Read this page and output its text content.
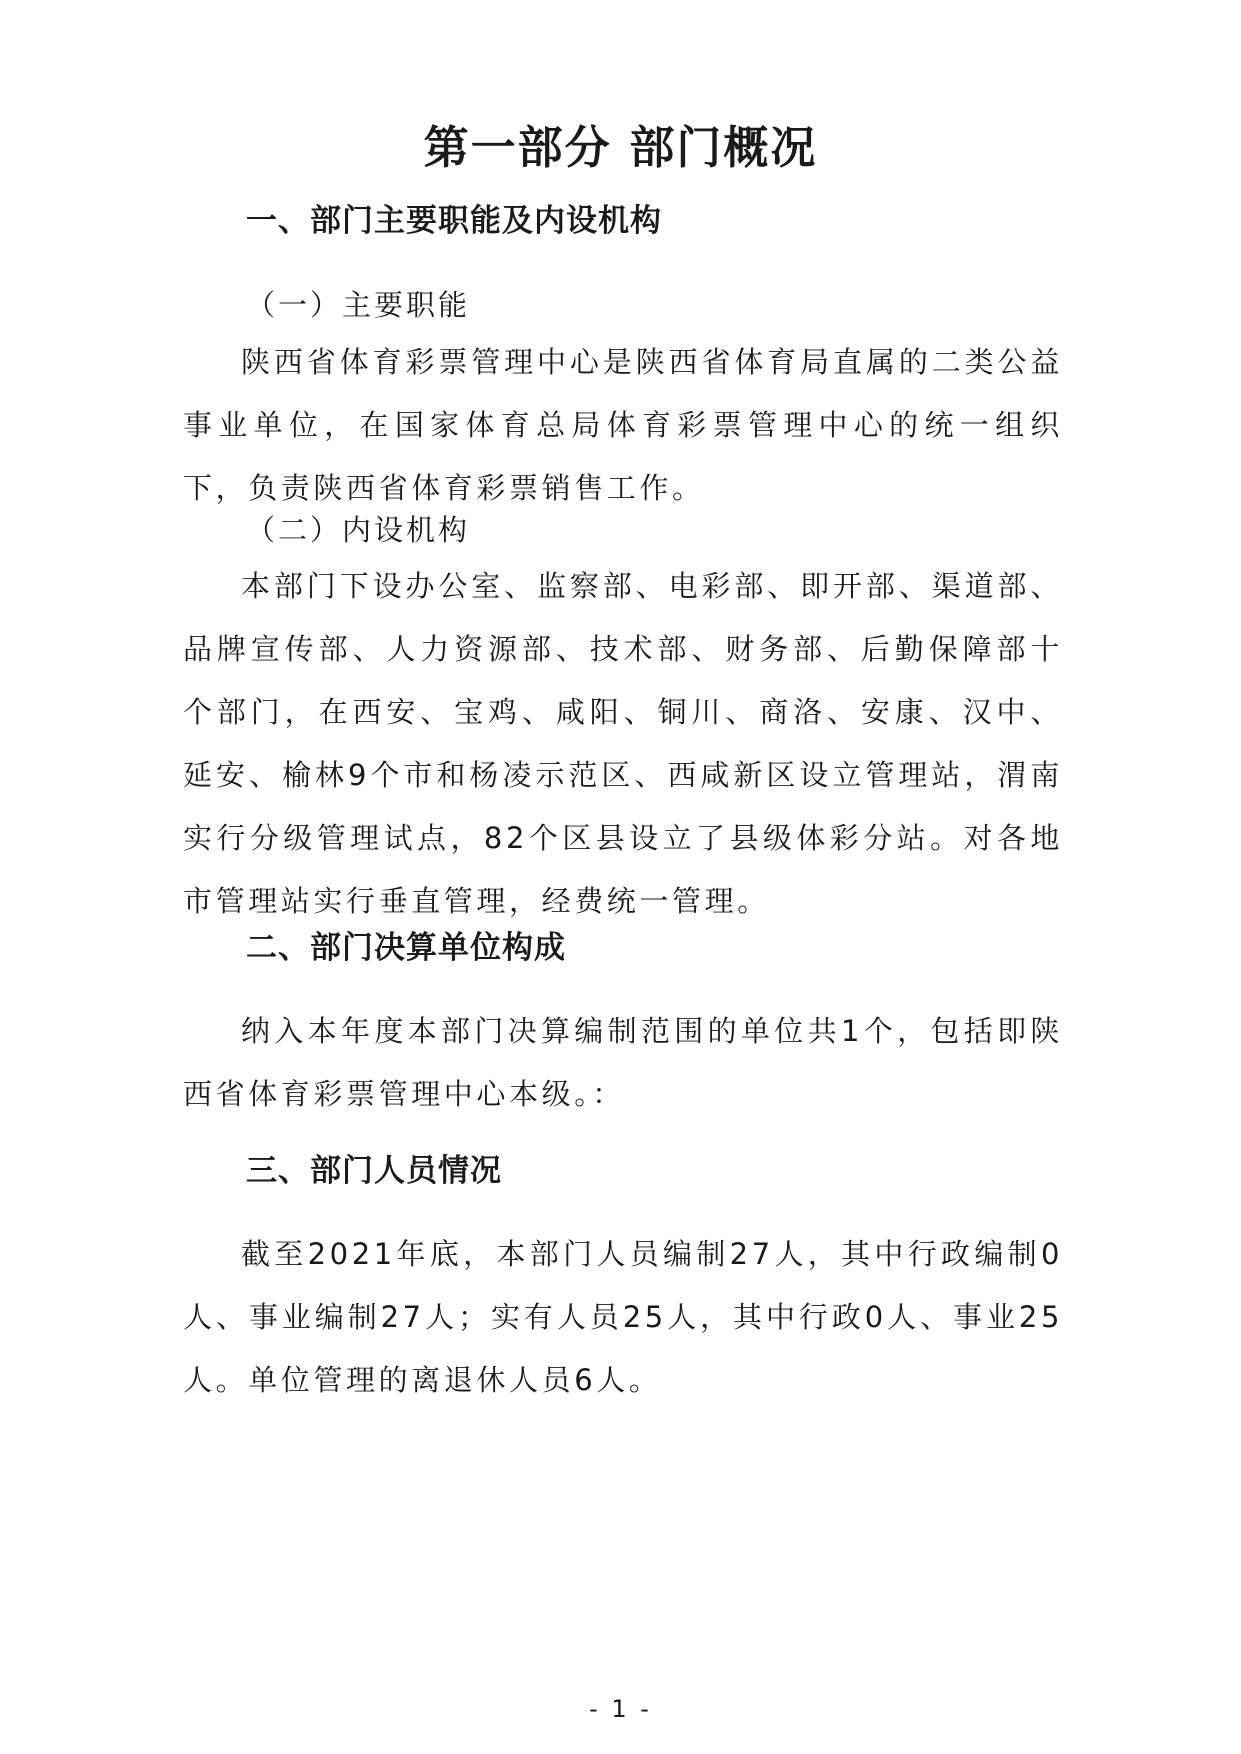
第一部分 部门概况
一、部门主要职能及内设机构
（一）主要职能

陕西省体育彩票管理中心是陕西省体育局直属的二类公益事业单位，在国家体育总局体育彩票管理中心的统一组织下，负责陕西省体育彩票销售工作。

（二）内设机构

本部门下设办公室、监察部、电彩部、即开部、渠道部、品牌宣传部、人力资源部、技术部、财务部、后勤保障部十个部门，在西安、宝鸡、咸阳、铜川、商洛、安康、汉中、延安、榆林9个市和杨凌示范区、西咸新区设立管理站，渭南实行分级管理试点，82个区县设立了县级体彩分站。对各地市管理站实行垂直管理，经费统一管理。

二、部门决算单位构成

纳入本年度本部门决算编制范围的单位共1个，包括即陕西省体育彩票管理中心本级。：

三、部门人员情况

截至2021年底，本部门人员编制27人，其中行政编制0人、事业编制27人；实有人员25人，其中行政0人、事业25人。单位管理的离退休人员6人。

- 1 -
